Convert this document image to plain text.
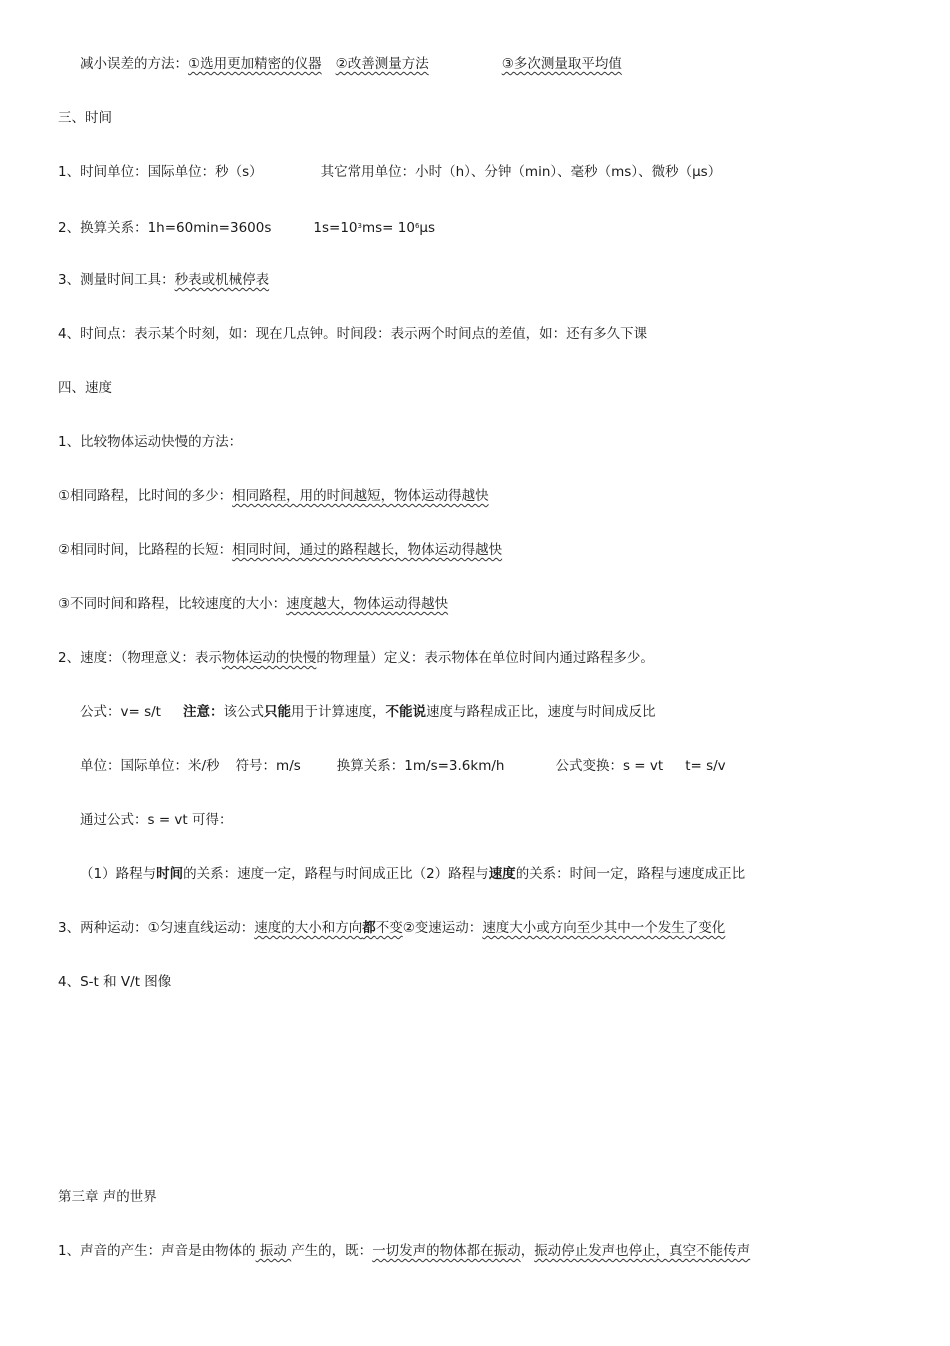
减小误差的方法：①选用更加精密的仪器 ②改善测量方法	③多次测量取平均值
三、时间
1、时间单位：国际单位：秒（s）	其它常用单位：小时（h）、分钟（min）、毫秒（ms）、微秒（μs）
2、换算关系：1h=60min=3600s	$1s=10^3ms= 10^6\mu s$
3、测量时间工具：秒表或机械停表
4、时间点：表示某个时刻，如：现在几点钟。时间段：表示两个时间点的差值，如：还有多久下课
四、速度
1、比较物体运动快慢的方法：
①相同路程，比时间的多少：相同路程，用的时间越短，物体运动得越快
②相同时间，比路程的长短：相同时间，通过的路程越长，物体运动得越快
③不同时间和路程，比较速度的大小：速度越大，物体运动得越快
2、速度：（物理意义：表示物体运动的快慢的物理量）定义：表示物体在单位时间内通过路程多少。
公式：v= s/t 注意：该公式只能用于计算速度，不能说速度与路程成正比，速度与时间成反比
单位：国际单位：米/秒 符号：m/s	换算关系：1m/s=3.6km/h	公式变换：s = vt t= s/v
通过公式：s = vt 可得：
（1）路程与时间的关系：速度一定，路程与时间成正比（2）路程与速度的关系：时间一定，路程与速度成正比
3、两种运动：①匀速直线运动：速度的大小和方向都不变②变速运动：速度大小或方向至少其中一个发生了变化
4、S-t 和 V/t 图像
第三章 声的世界
1、声音的产生：声音是由物体的 振动 产生的，既：一切发声的物体都在振动，振动停止发声也停止，真空不能传声
